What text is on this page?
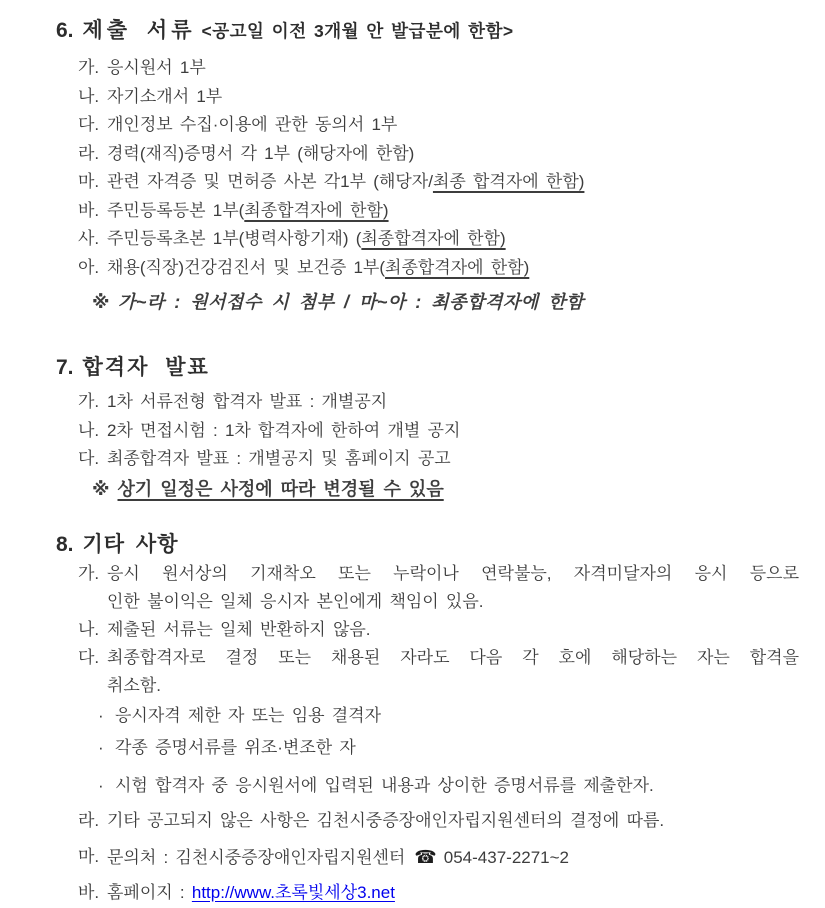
6. 제출 서류 <공고일 이전 3개월 안 발급분에 한함>
가. 응시원서 1부
나. 자기소개서 1부
다. 개인정보 수집·이용에 관한 동의서 1부
라. 경력(재직)증명서 각 1부 (해당자에 한함)
마. 관련 자격증 및 면허증 사본 각1부 (해당자/최종 합격자에 한함)
바. 주민등록등본 1부(최종합격자에 한함)
사. 주민등록초본 1부(병력사항기재) (최종합격자에 한함)
아. 채용(직장)건강검진서 및 보건증 1부(최종합격자에 한함)

※ 가~라 : 원서접수 시 첨부 / 마~아 : 최종합격자에 한함

7. 합격자 발표
가. 1차 서류전형 합격자 발표 : 개별공지
나. 2차 면접시험 : 1차 합격자에 한하여 개별 공지
다. 최종합격자 발표 : 개별공지 및 홈페이지 공고

※ 상기 일정은 사정에 따라 변경될 수 있음

8. 기타 사항
가. 응시 원서상의 기재착오 또는 누락이나 연락불능, 자격미달자의 응시 등으로
인한 불이익은 일체 응시자 본인에게 책임이 있음.
나. 제출된 서류는 일체 반환하지 않음.
다. 최종합격자로 결정 또는 채용된 자라도 다음 각 호에 해당하는 자는 합격을
취소함.
· 응시자격 제한 자 또는 임용 결격자
· 각종 증명서류를 위조·변조한 자
· 시험 합격자 중 응시원서에 입력된 내용과 상이한 증명서류를 제출한자.
라. 기타 공고되지 않은 사항은 김천시중증장애인자립지원센터의 결정에 따름.
마. 문의처 : 김천시중증장애인자립지원센터 ☎ 054-437-2271~2
바. 홈페이지 : http://www.초록빛세상3.net
